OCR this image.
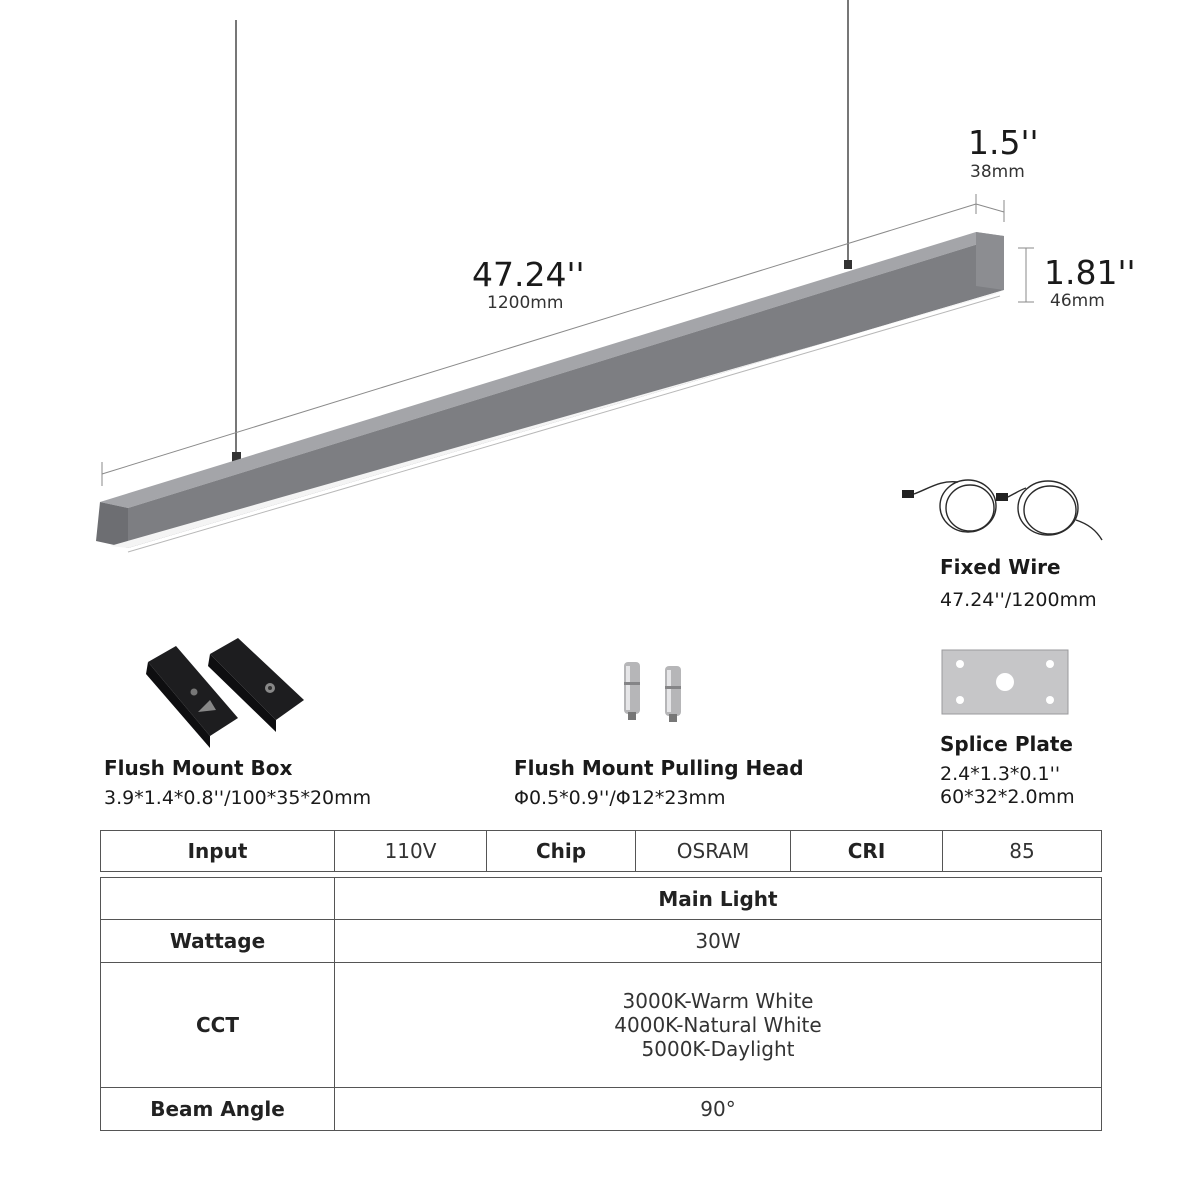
47.24''
1200mm
1.5''
38mm
1.81''
46mm
Fixed Wire
47.24''/1200mm
Flush Mount Box
3.9*1.4*0.8''/100*35*20mm
Flush Mount Pulling Head
Φ0.5*0.9''/Φ12*23mm
Splice Plate
2.4*1.3*0.1''
60*32*2.0mm
Input	110V	Chip	OSRAM	CRI	85
	Main Light
Wattage	30W
CCT	3000K-Warm White
4000K-Natural White
5000K-Daylight

Beam Angle	90°
